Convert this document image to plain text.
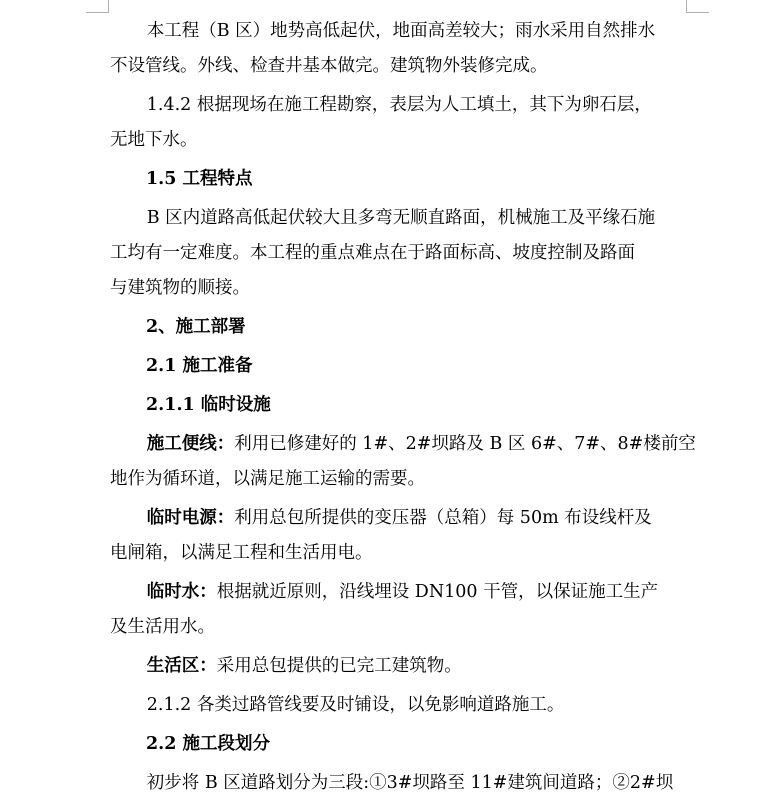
本工程（B 区）地势高低起伏，地面高差较大；雨水采用自然排水
不设管线。外线、检查井基本做完。建筑物外装修完成。

1.4.2 根据现场在施工程勘察，表层为人工填土，其下为卵石层，
无地下水。

1.5 工程特点

B 区内道路高低起伏较大且多弯无顺直路面，机械施工及平缘石施
工均有一定难度。本工程的重点难点在于路面标高、坡度控制及路面
与建筑物的顺接。

2、施工部署

2.1 施工准备

2.1.1 临时设施

施工便线：利用已修建好的 1#、2#坝路及 B 区 6#、7#、8#楼前空
地作为循环道，以满足施工运输的需要。

临时电源：利用总包所提供的变压器（总箱）每 50m 布设线杆及
电闸箱，以满足工程和生活用电。

临时水：根据就近原则，沿线埋设 DN100 干管，以保证施工生产
及生活用水。

生活区：采用总包提供的已完工建筑物。

2.1.2 各类过路管线要及时铺设，以免影响道路施工。

2.2 施工段划分

初步将 B 区道路划分为三段:①3#坝路至 11#建筑间道路；②2#坝
